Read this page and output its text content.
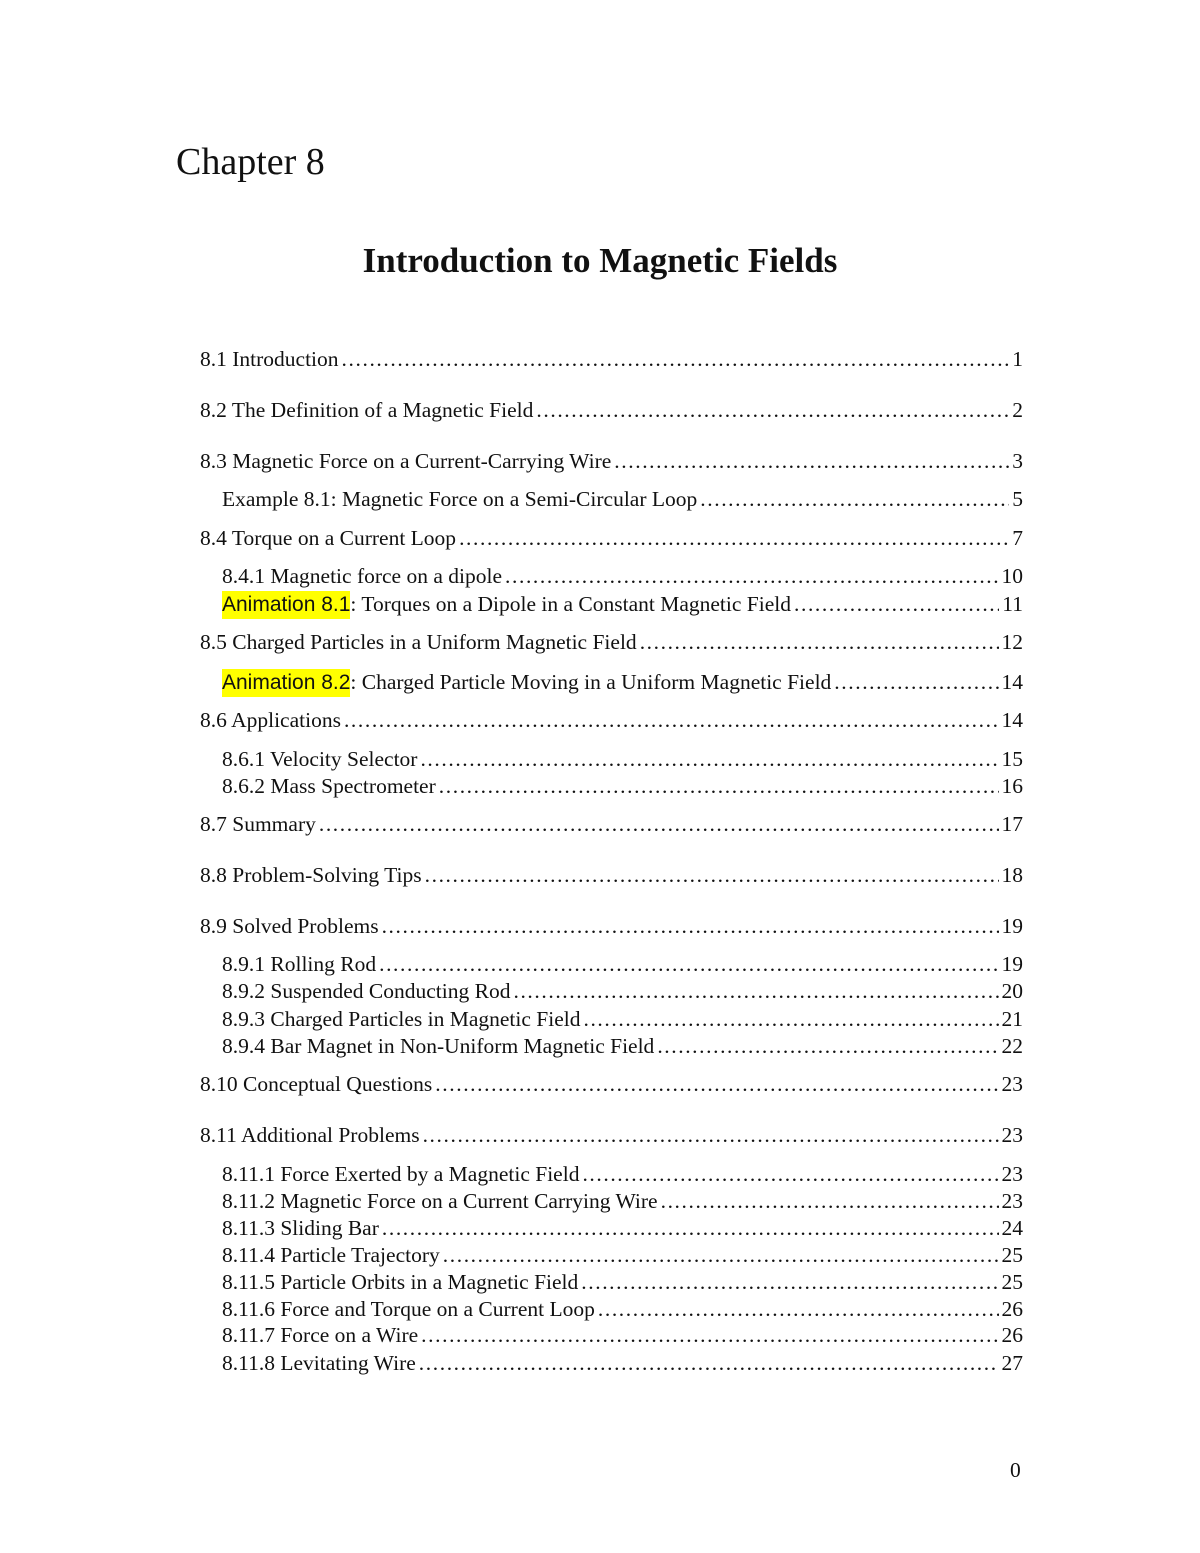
Chapter 8
Introduction to Magnetic Fields
8.1 Introduction .....	1
8.2 The Definition of a Magnetic Field .....	2
8.3 Magnetic Force on a Current-Carrying Wire .....	3
Example 8.1: Magnetic Force on a Semi-Circular Loop .....	5
8.4 Torque on a Current Loop .....	7
8.4.1 Magnetic force on a dipole .....	10
Animation 8.1 : Torques on a Dipole in a Constant Magnetic Field .....	11
8.5 Charged Particles in a Uniform Magnetic Field .....	12
Animation 8.2 : Charged Particle Moving in a Uniform Magnetic Field .....	14
8.6 Applications .....	14
8.6.1 Velocity Selector .....	15
8.6.2 Mass Spectrometer .....	16
8.7 Summary .....	17
8.8 Problem-Solving Tips .....	18
8.9 Solved Problems .....	19
8.9.1 Rolling Rod .....	19
8.9.2 Suspended Conducting Rod .....	20
8.9.3 Charged Particles in Magnetic Field .....	21
8.9.4 Bar Magnet in Non-Uniform Magnetic Field .....	22
8.10 Conceptual Questions .....	23
8.11 Additional Problems .....	23
8.11.1 Force Exerted by a Magnetic Field .....	23
8.11.2 Magnetic Force on a Current Carrying Wire .....	23
8.11.3 Sliding Bar .....	24
8.11.4 Particle Trajectory .....	25
8.11.5 Particle Orbits in a Magnetic Field .....	25
8.11.6 Force and Torque on a Current Loop .....	26
8.11.7 Force on a Wire .....	26
8.11.8 Levitating Wire .....	27
0
